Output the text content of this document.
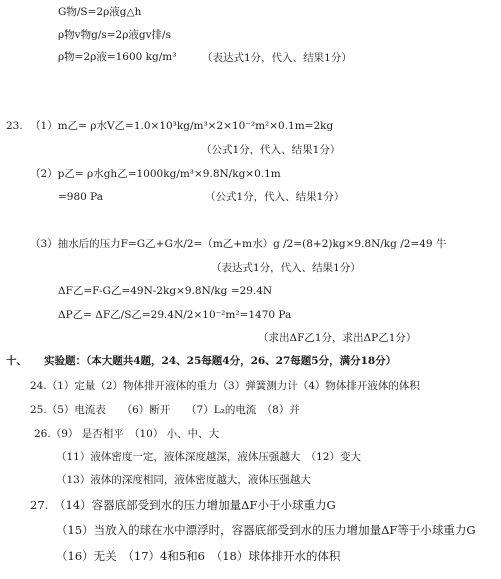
G物/S=2ρ液g△h
ρ物v物g/s=2ρ液gv排/s
ρ物=2ρ液=1600 kg/m³ （表达式1分，代入、结果1分）
23. （1）m乙= ρ水V乙=1.0×10³kg/m³×2×10⁻²m²×0.1m=2kg
（公式1分，代入、结果1分）
（2）p乙= ρ水gh乙=1000kg/m³×9.8N/kg×0.1m
=980 Pa	（公式1分，代入、结果1分）
（3）抽水后的压力F=G乙+G水/2=（m乙+m水）g /2=(8+2)kg×9.8N/kg /2=49 牛
（表达式1分，代入、结果1分）
ΔF乙=F-G乙=49N-2kg×9.8N/kg =29.4N
ΔP乙= ΔF乙/S乙=29.4N/2×10⁻²m²=1470 Pa
（求出ΔF乙1分，求出ΔP乙1分）
十、 实验题：（本大题共4题，24、25每题4分，26、27每题5分，满分18分）
24.（1）定量（2）物体排开液体的重力（3）弹簧测力计（4）物体排开液体的体积
25.（5）电流表　　（6）断开　　（7）L₂的电流　（8）并
26.（9） 是否相平　（10） 小、中、大
（11）液体密度一定，液体深度越深，液体压强越大　（12）变大
（13）液体的深度相同，液体密度越大，液体压强越大
27.　（14）容器底部受到水的压力增加量ΔF小于小球重力G
（15）当放入的球在水中漂浮时，容器底部受到水的压力增加量ΔF等于小球重力G
（16）无关　（17）4和5和6　（18）球体排开水的体积
